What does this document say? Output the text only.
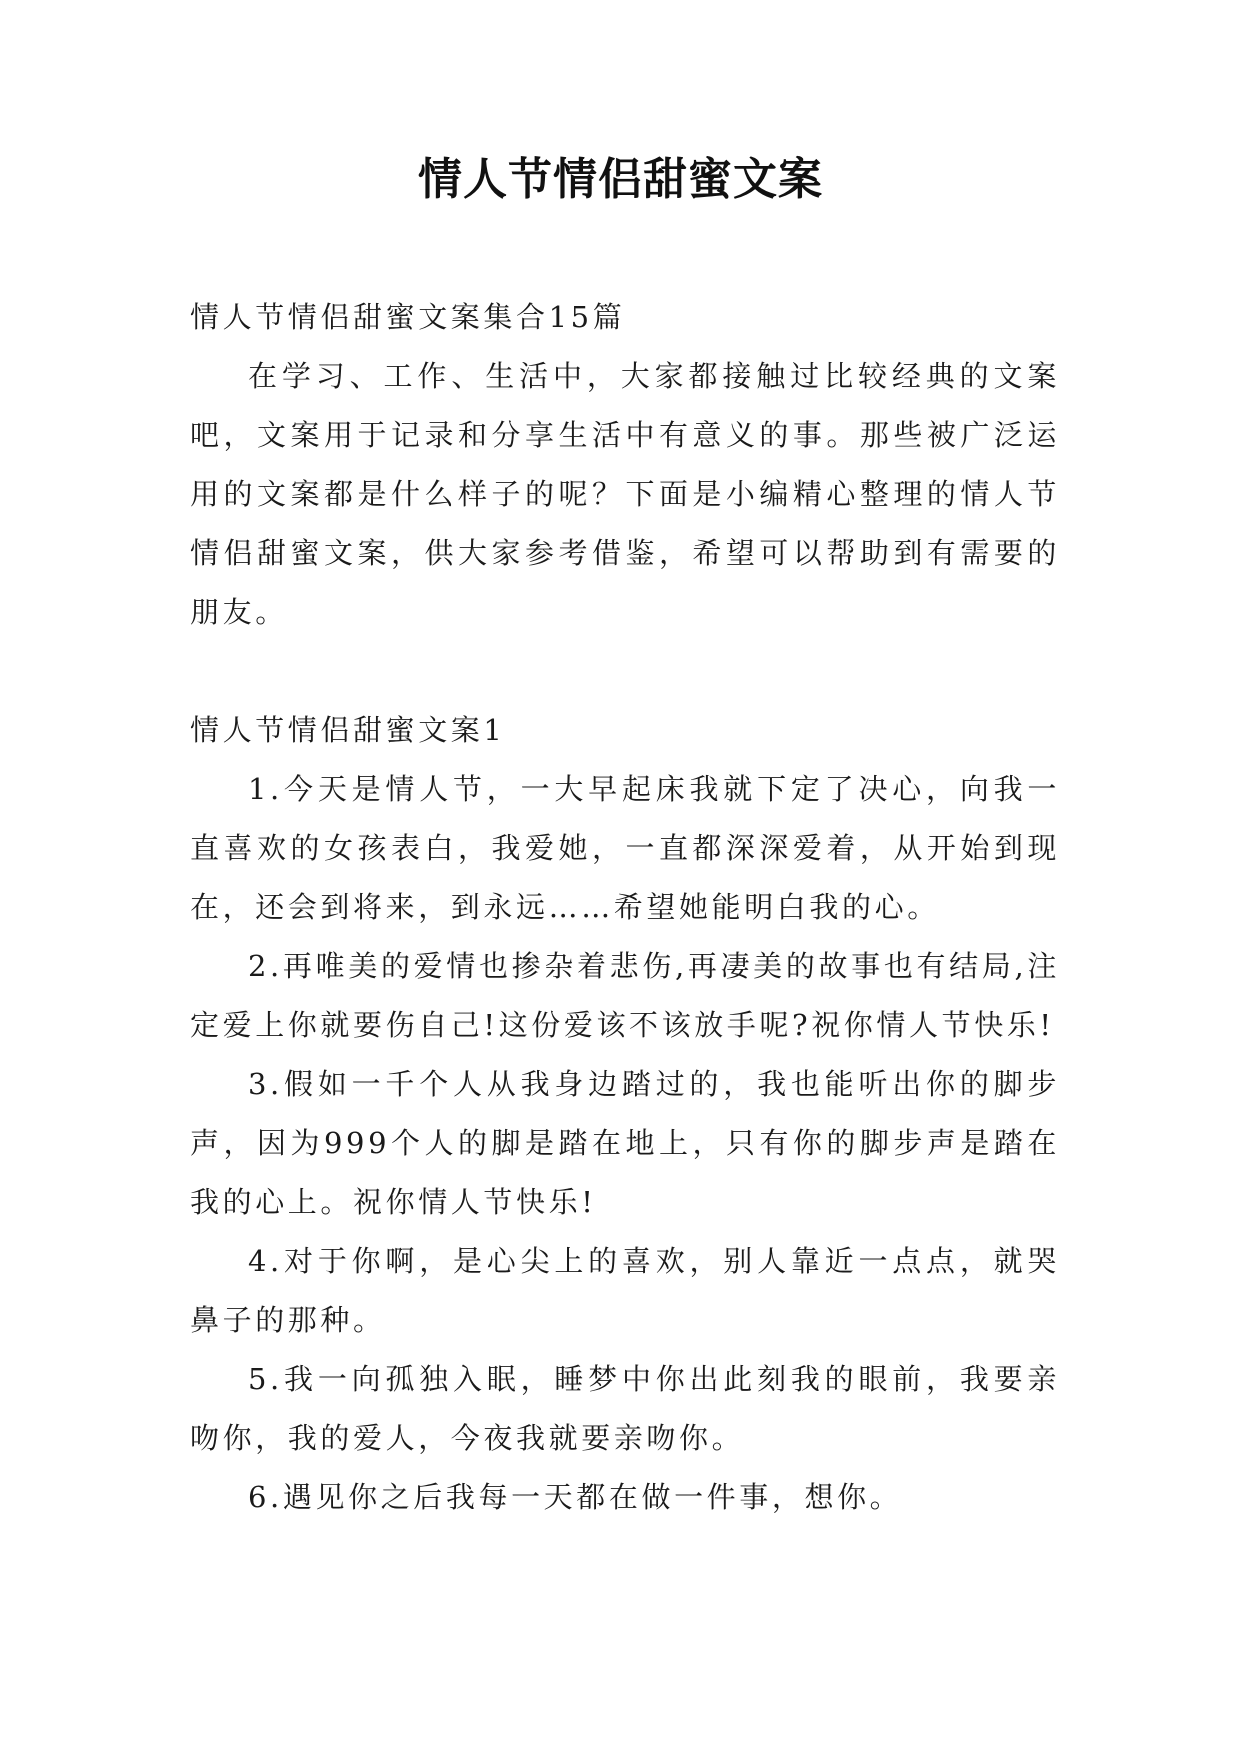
情人节情侣甜蜜文案

情人节情侣甜蜜文案集合15篇

在学习、工作、生活中，大家都接触过比较经典的文案吧，文案用于记录和分享生活中有意义的事。那些被广泛运用的文案都是什么样子的呢？下面是小编精心整理的情人节情侣甜蜜文案，供大家参考借鉴，希望可以帮助到有需要的朋友。

情人节情侣甜蜜文案1

1.今天是情人节，一大早起床我就下定了决心，向我一直喜欢的女孩表白，我爱她，一直都深深爱着，从开始到现在，还会到将来，到永远……希望她能明白我的心。

2.再唯美的爱情也掺杂着悲伤,再凄美的故事也有结局,注定爱上你就要伤自己!这份爱该不该放手呢?祝你情人节快乐!

3.假如一千个人从我身边踏过的，我也能听出你的脚步声，因为999个人的脚是踏在地上，只有你的脚步声是踏在我的心上。祝你情人节快乐!

4.对于你啊，是心尖上的喜欢，别人靠近一点点，就哭鼻子的那种。

5.我一向孤独入眠，睡梦中你出此刻我的眼前，我要亲吻你，我的爱人，今夜我就要亲吻你。

6.遇见你之后我每一天都在做一件事，想你。
